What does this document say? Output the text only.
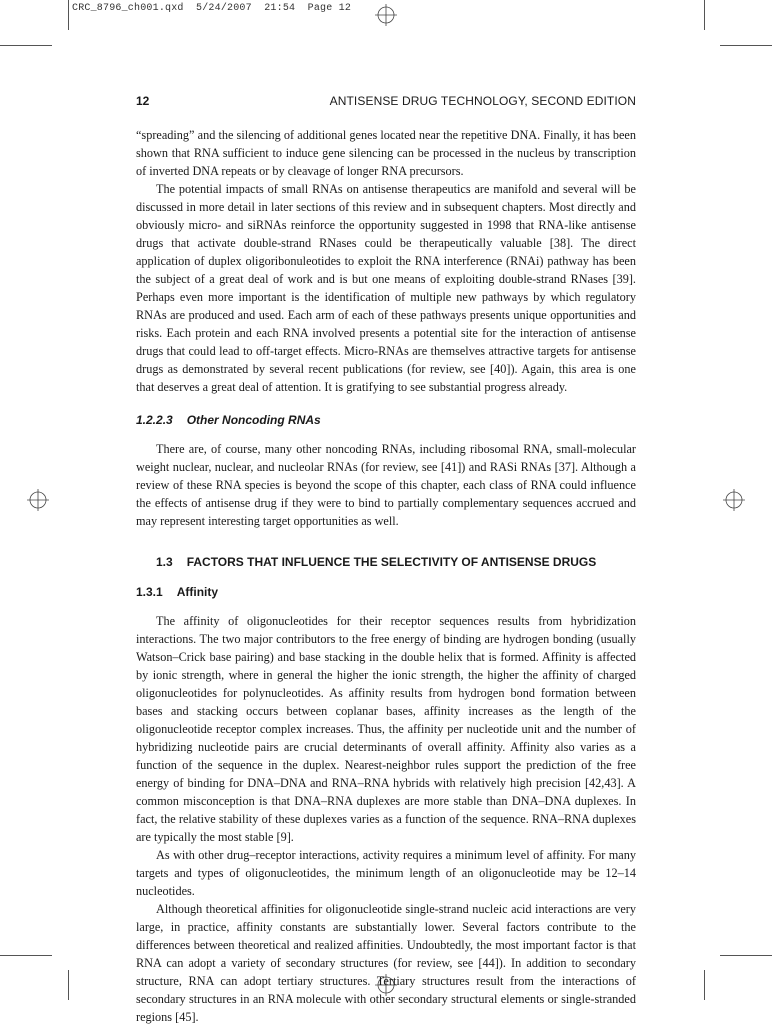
CRC_8796_ch001.qxd  5/24/2007  21:54  Page 12
12	ANTISENSE DRUG TECHNOLOGY, SECOND EDITION

“spreading” and the silencing of additional genes located near the repetitive DNA. Finally, it has been shown that RNA sufficient to induce gene silencing can be processed in the nucleus by transcription of inverted DNA repeats or by cleavage of longer RNA precursors.

The potential impacts of small RNAs on antisense therapeutics are manifold and several will be discussed in more detail in later sections of this review and in subsequent chapters. Most directly and obviously micro- and siRNAs reinforce the opportunity suggested in 1998 that RNA-like antisense drugs that activate double-strand RNases could be therapeutically valuable [38]. The direct application of duplex oligoribonuleotides to exploit the RNA interference (RNAi) pathway has been the subject of a great deal of work and is but one means of exploiting double-strand RNases [39]. Perhaps even more important is the identification of multiple new pathways by which regulatory RNAs are produced and used. Each arm of each of these pathways presents unique opportunities and risks. Each protein and each RNA involved presents a potential site for the interaction of antisense drugs that could lead to off-target effects. Micro-RNAs are themselves attractive targets for antisense drugs as demonstrated by several recent publications (for review, see [40]). Again, this area is one that deserves a great deal of attention. It is gratifying to see substantial progress already.

1.2.2.3 Other Noncoding RNAs

There are, of course, many other noncoding RNAs, including ribosomal RNA, small-molecular weight nuclear, nuclear, and nucleolar RNAs (for review, see [41]) and RASi RNAs [37]. Although a review of these RNA species is beyond the scope of this chapter, each class of RNA could influence the effects of antisense drug if they were to bind to partially complementary sequences accrued and may represent interesting target opportunities as well.

1.3 FACTORS THAT INFLUENCE THE SELECTIVITY OF ANTISENSE DRUGS
1.3.1 Affinity

The affinity of oligonucleotides for their receptor sequences results from hybridization interactions. The two major contributors to the free energy of binding are hydrogen bonding (usually Watson–Crick base pairing) and base stacking in the double helix that is formed. Affinity is affected by ionic strength, where in general the higher the ionic strength, the higher the affinity of charged oligonucleotides for polynucleotides. As affinity results from hydrogen bond formation between bases and stacking occurs between coplanar bases, affinity increases as the length of the oligonucleotide receptor complex increases. Thus, the affinity per nucleotide unit and the number of hybridizing nucleotide pairs are crucial determinants of overall affinity. Affinity also varies as a function of the sequence in the duplex. Nearest-neighbor rules support the prediction of the free energy of binding for DNA–DNA and RNA–RNA hybrids with relatively high precision [42,43]. A common misconception is that DNA–RNA duplexes are more stable than DNA–DNA duplexes. In fact, the relative stability of these duplexes varies as a function of the sequence. RNA–RNA duplexes are typically the most stable [9].

As with other drug–receptor interactions, activity requires a minimum level of affinity. For many targets and types of oligonucleotides, the minimum length of an oligonucleotide may be 12–14 nucleotides.

Although theoretical affinities for oligonucleotide single-strand nucleic acid interactions are very large, in practice, affinity constants are substantially lower. Several factors contribute to the differences between theoretical and realized affinities. Undoubtedly, the most important factor is that RNA can adopt a variety of secondary structures (for review, see [44]). In addition to secondary structure, RNA can adopt tertiary structures. Tertiary structures result from the interactions of secondary structures in an RNA molecule with other secondary structural elements or single-stranded regions [45].
